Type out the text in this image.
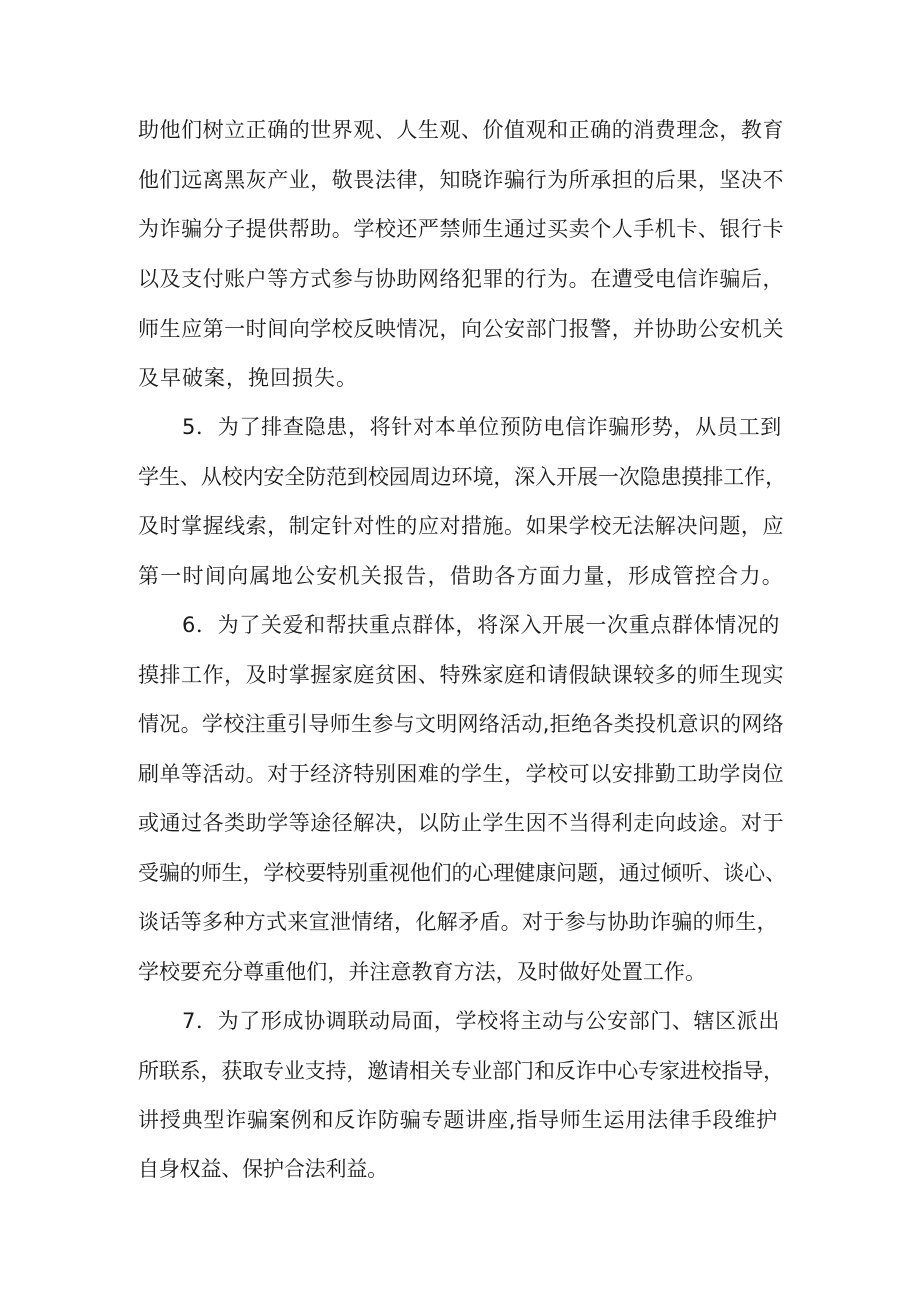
助他们树立正确的世界观、人生观、价值观和正确的消费理念，教育
他们远离黑灰产业，敬畏法律，知晓诈骗行为所承担的后果，坚决不
为诈骗分子提供帮助。学校还严禁师生通过买卖个人手机卡、银行卡
以及支付账户等方式参与协助网络犯罪的行为。在遭受电信诈骗后，
师生应第一时间向学校反映情况，向公安部门报警，并协助公安机关
及早破案，挽回损失。
5．为了排查隐患，将针对本单位预防电信诈骗形势，从员工到
学生、从校内安全防范到校园周边环境，深入开展一次隐患摸排工作，
及时掌握线索，制定针对性的应对措施。如果学校无法解决问题，应
第一时间向属地公安机关报告，借助各方面力量，形成管控合力。
6．为了关爱和帮扶重点群体，将深入开展一次重点群体情况的
摸排工作，及时掌握家庭贫困、特殊家庭和请假缺课较多的师生现实
情况。学校注重引导师生参与文明网络活动,拒绝各类投机意识的网络
刷单等活动。对于经济特别困难的学生，学校可以安排勤工助学岗位
或通过各类助学等途径解决，以防止学生因不当得利走向歧途。对于
受骗的师生，学校要特别重视他们的心理健康问题，通过倾听、谈心、
谈话等多种方式来宣泄情绪，化解矛盾。对于参与协助诈骗的师生，
学校要充分尊重他们，并注意教育方法，及时做好处置工作。
7．为了形成协调联动局面，学校将主动与公安部门、辖区派出
所联系，获取专业支持，邀请相关专业部门和反诈中心专家进校指导，
讲授典型诈骗案例和反诈防骗专题讲座,指导师生运用法律手段维护
自身权益、保护合法利益。
